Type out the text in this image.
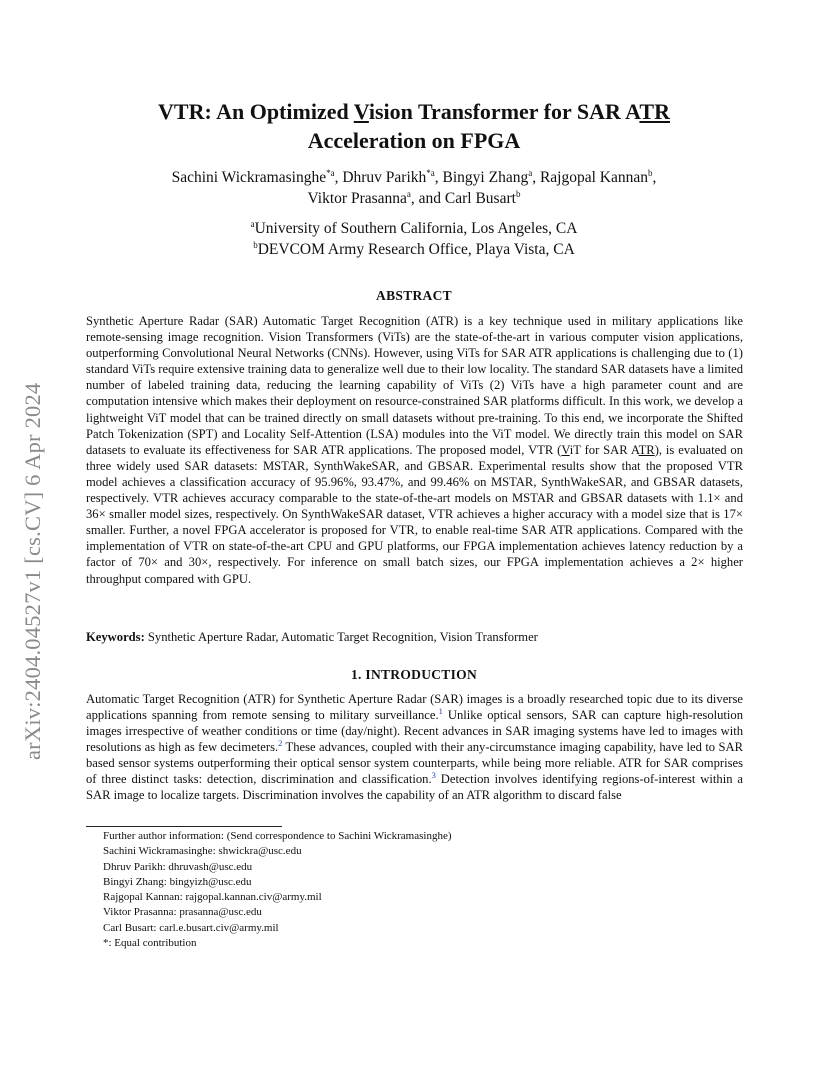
arXiv:2404.04527v1 [cs.CV] 6 Apr 2024
VTR: An Optimized Vision Transformer for SAR ATR
Acceleration on FPGA
Sachini Wickramasinghe$^{*a}$, Dhruv Parikh$^{*a}$, Bingyi Zhang$^a$, Rajgopal Kannan$^b$,
Viktor Prasanna$^a$, and Carl Busart$^b$
$^a$University of Southern California, Los Angeles, CA
$^b$DEVCOM Army Research Office, Playa Vista, CA
ABSTRACT

Synthetic Aperture Radar (SAR) Automatic Target Recognition (ATR) is a key technique used in military applications like remote-sensing image recognition. Vision Transformers (ViTs) are the state-of-the-art in various computer vision applications, outperforming Convolutional Neural Networks (CNNs). However, using ViTs for SAR ATR applications is challenging due to (1) standard ViTs require extensive training data to generalize well due to their low locality. The standard SAR datasets have a limited number of labeled training data, reducing the learning capability of ViTs (2) ViTs have a high parameter count and are computation intensive which makes their deployment on resource-constrained SAR platforms difficult. In this work, we develop a lightweight ViT model that can be trained directly on small datasets without pre-training. To this end, we incorporate the Shifted Patch Tokenization (SPT) and Locality Self-Attention (LSA) modules into the ViT model. We directly train this model on SAR datasets to evaluate its effectiveness for SAR ATR applications. The proposed model, VTR (ViT for SAR ATR), is evaluated on three widely used SAR datasets: MSTAR, SynthWakeSAR, and GBSAR. Experimental results show that the proposed VTR model achieves a classification accuracy of 95.96%, 93.47%, and 99.46% on MSTAR, SynthWakeSAR, and GBSAR datasets, respectively. VTR achieves accuracy comparable to the state-of-the-art models on MSTAR and GBSAR datasets with 1.1× and 36× smaller model sizes, respectively. On SynthWakeSAR dataset, VTR achieves a higher accuracy with a model size that is 17× smaller. Further, a novel FPGA accelerator is proposed for VTR, to enable real-time SAR ATR applications. Compared with the implementation of VTR on state-of-the-art CPU and GPU platforms, our FPGA implementation achieves latency reduction by a factor of 70× and 30×, respectively. For inference on small batch sizes, our FPGA implementation achieves a 2× higher throughput compared with GPU.

Keywords: Synthetic Aperture Radar, Automatic Target Recognition, Vision Transformer

1. INTRODUCTION

Automatic Target Recognition (ATR) for Synthetic Aperture Radar (SAR) images is a broadly researched topic due to its diverse applications spanning from remote sensing to military surveillance.$^1$ Unlike optical sensors, SAR can capture high-resolution images irrespective of weather conditions or time (day/night). Recent advances in SAR imaging systems have led to images with resolutions as high as few decimeters.$^2$ These advances, coupled with their any-circumstance imaging capability, have led to SAR based sensor systems outperforming their optical sensor system counterparts, while being more reliable. ATR for SAR comprises of three distinct tasks: detection, discrimination and classification.$^3$ Detection involves identifying regions-of-interest within a SAR image to localize targets. Discrimination involves the capability of an ATR algorithm to discard false

Further author information: (Send correspondence to Sachini Wickramasinghe)
Sachini Wickramasinghe: shwickra@usc.edu
Dhruv Parikh: dhruvash@usc.edu
Bingyi Zhang: bingyizh@usc.edu
Rajgopal Kannan: rajgopal.kannan.civ@army.mil
Viktor Prasanna: prasanna@usc.edu
Carl Busart: carl.e.busart.civ@army.mil
*: Equal contribution
